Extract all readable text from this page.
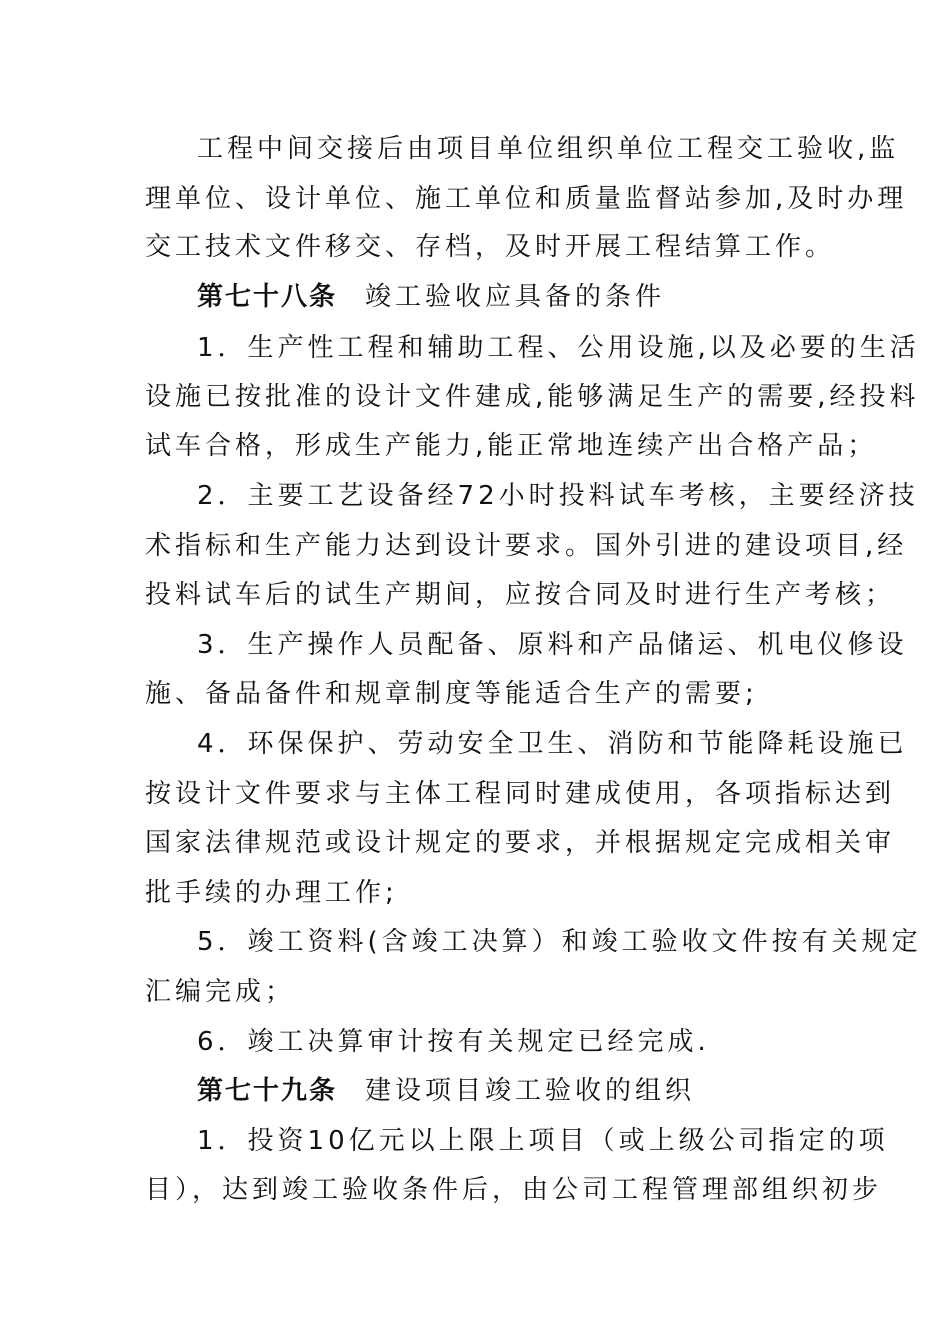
工程中间交接后由项目单位组织单位工程交工验收,监
理单位、设计单位、施工单位和质量监督站参加,及时办理
交工技术文件移交、存档，及时开展工程结算工作。
第七十八条 竣工验收应具备的条件
1．生产性工程和辅助工程、公用设施,以及必要的生活
设施已按批准的设计文件建成,能够满足生产的需要,经投料
试车合格，形成生产能力,能正常地连续产出合格产品；
2．主要工艺设备经72小时投料试车考核，主要经济技
术指标和生产能力达到设计要求。国外引进的建设项目,经
投料试车后的试生产期间，应按合同及时进行生产考核；
3．生产操作人员配备、原料和产品储运、机电仪修设
施、备品备件和规章制度等能适合生产的需要;
4．环保保护、劳动安全卫生、消防和节能降耗设施已
按设计文件要求与主体工程同时建成使用，各项指标达到
国家法律规范或设计规定的要求，并根据规定完成相关审
批手续的办理工作;
5．竣工资料(含竣工决算）和竣工验收文件按有关规定
汇编完成；
6．竣工决算审计按有关规定已经完成.
第七十九条 建设项目竣工验收的组织
1．投资10亿元以上限上项目（或上级公司指定的项
目），达到竣工验收条件后，由公司工程管理部组织初步
